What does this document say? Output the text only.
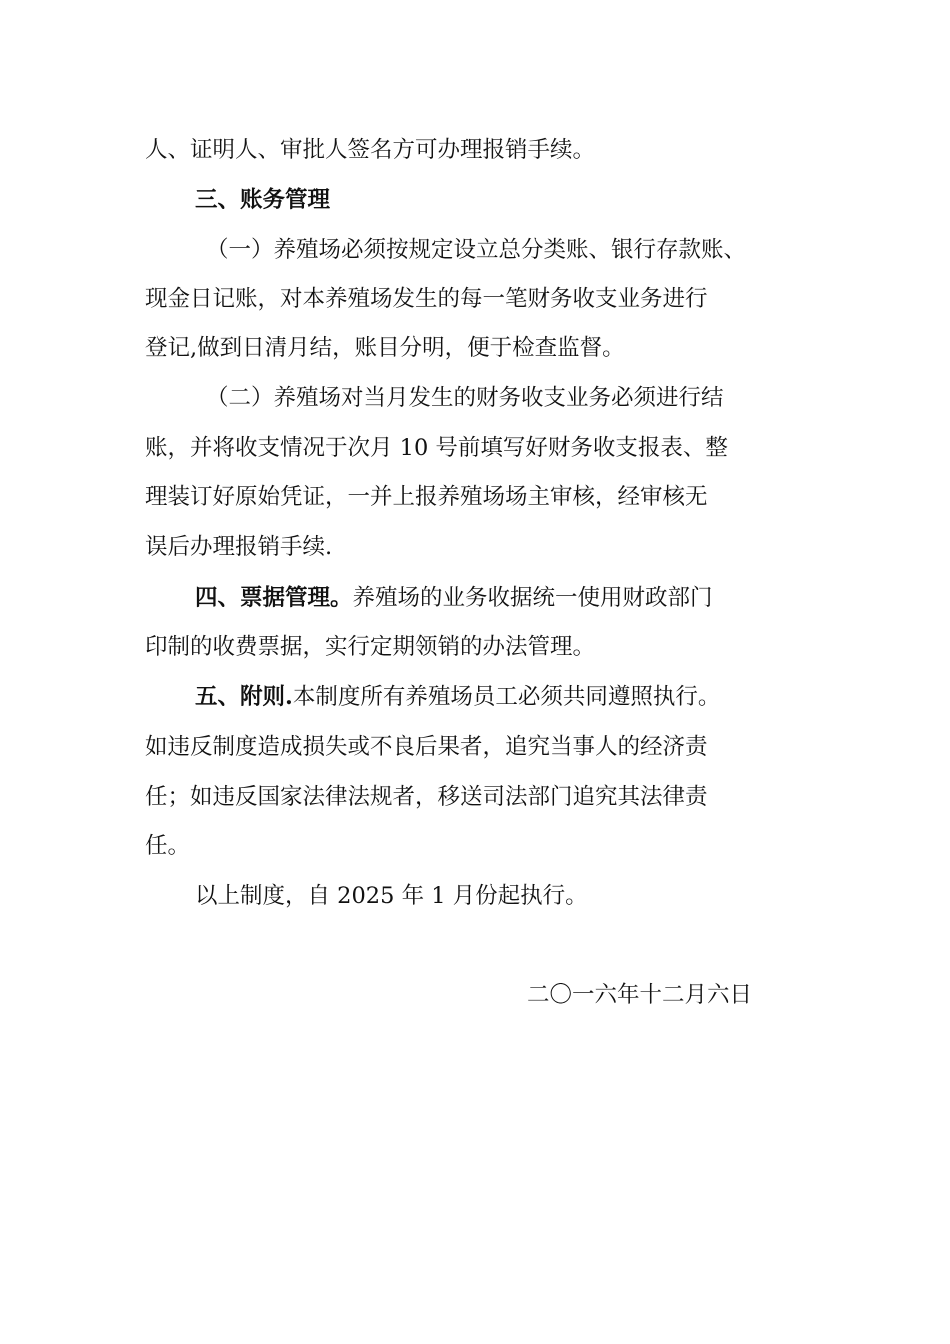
人、证明人、审批人签名方可办理报销手续。
三、账务管理
（一）养殖场必须按规定设立总分类账、银行存款账、
现金日记账，对本养殖场发生的每一笔财务收支业务进行
登记,做到日清月结，账目分明，便于检查监督。
（二）养殖场对当月发生的财务收支业务必须进行结
账，并将收支情况于次月 10 号前填写好财务收支报表、整
理装订好原始凭证，一并上报养殖场场主审核，经审核无
误后办理报销手续.
四、票据管理。养殖场的业务收据统一使用财政部门
印制的收费票据，实行定期领销的办法管理。
五、附则.本制度所有养殖场员工必须共同遵照执行。
如违反制度造成损失或不良后果者，追究当事人的经济责
任；如违反国家法律法规者，移送司法部门追究其法律责
任。
以上制度，自 2025 年 1 月份起执行。
二〇一六年十二月六日
